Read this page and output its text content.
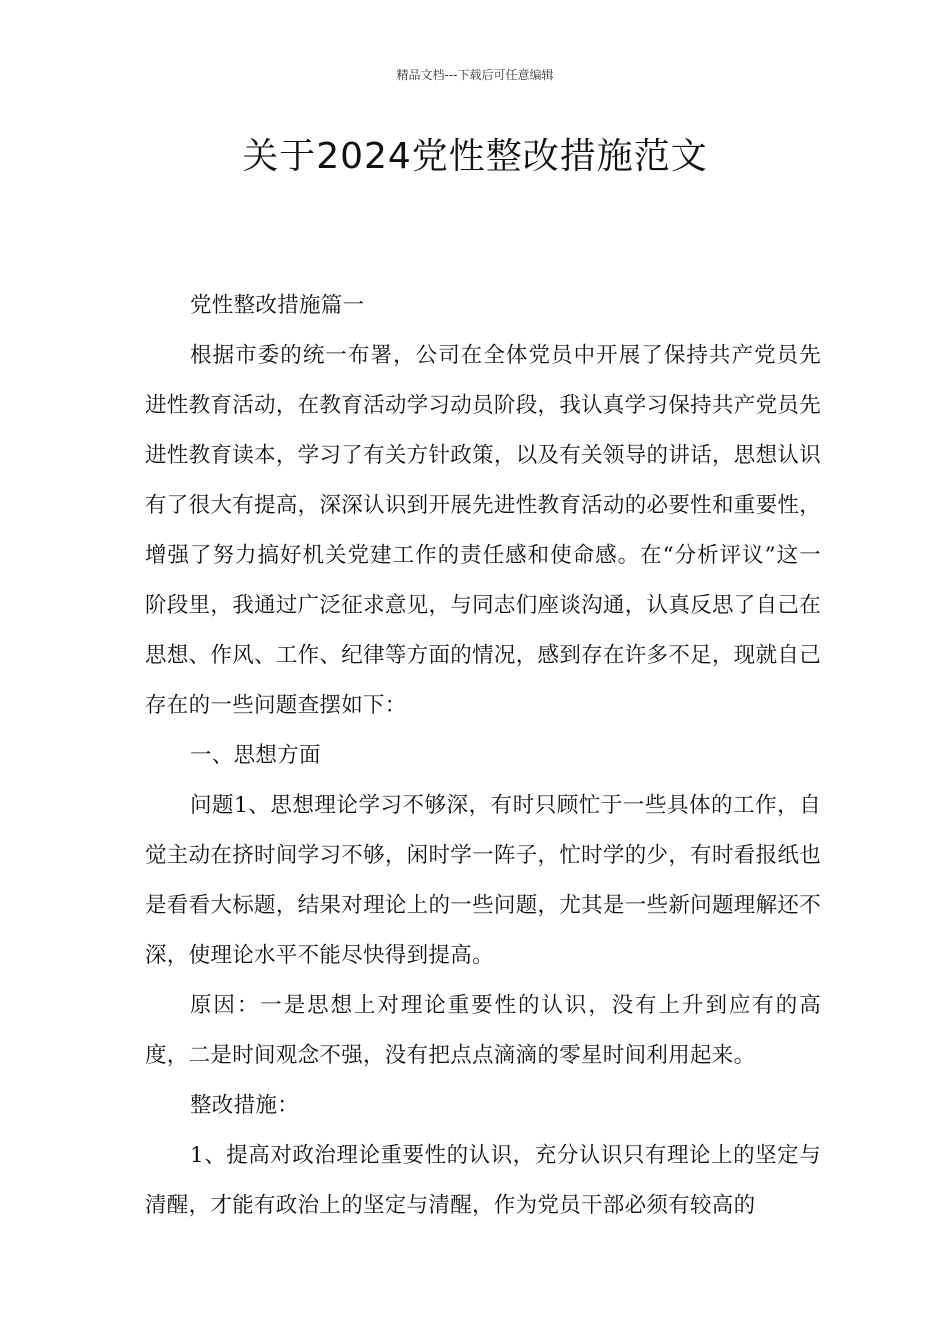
精品文档---下载后可任意编辑
关于2024党性整改措施范文

党性整改措施篇一

根据市委的统一布署，公司在全体党员中开展了保持共产党员先进性教育活动，在教育活动学习动员阶段，我认真学习保持共产党员先进性教育读本，学习了有关方针政策，以及有关领导的讲话，思想认识有了很大有提高，深深认识到开展先进性教育活动的必要性和重要性，增强了努力搞好机关党建工作的责任感和使命感。在“分析评议”这一阶段里，我通过广泛征求意见，与同志们座谈沟通，认真反思了自己在思想、作风、工作、纪律等方面的情况，感到存在许多不足，现就自己存在的一些问题查摆如下：

一、思想方面

问题1、思想理论学习不够深，有时只顾忙于一些具体的工作，自觉主动在挤时间学习不够，闲时学一阵子，忙时学的少，有时看报纸也是看看大标题，结果对理论上的一些问题，尤其是一些新问题理解还不深，使理论水平不能尽快得到提高。

原因：一是思想上对理论重要性的认识，没有上升到应有的高度，二是时间观念不强，没有把点点滴滴的零星时间利用起来。

整改措施：

1、提高对政治理论重要性的认识，充分认识只有理论上的坚定与清醒，才能有政治上的坚定与清醒，作为党员干部必须有较高的
